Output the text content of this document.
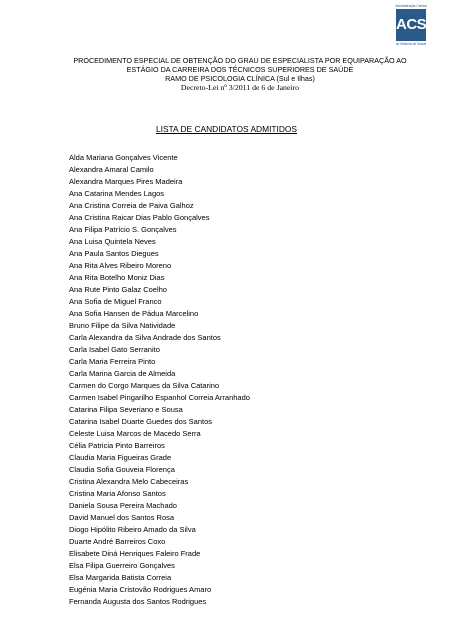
Administração Central
ACSS
do Sistema de Saúde
PROCEDIMENTO ESPECIAL DE OBTENÇÃO DO GRAU DE ESPECIALISTA POR EQUIPARAÇÃO AO
ESTÁGIO DA CARREIRA DOS TÉCNICOS SUPERIORES DE SAÚDE
RAMO DE PSICOLOGIA CLÍNICA (Sul e Ilhas)
Decreto-Lei nº 3/2011 de 6 de Janeiro
LISTA DE CANDIDATOS ADMITIDOS
Alda Mariana Gonçalves Vicente
Alexandra Amaral Camilo
Alexandra Marques Pires Madeira
Ana Catarina Mendes Lagos
Ana Cristina Correia de Paiva Galhoz
Ana Cristina Raicar Dias Pablo Gonçalves
Ana Filipa Patrício S. Gonçalves
Ana Luisa Quintela Neves
Ana Paula Santos Diegues
Ana Rita Alves Ribeiro Moreno
Ana Rita Botelho Moniz Dias
Ana Rute Pinto Galaz Coelho
Ana Sofia de Miguel Franco
Ana Sofia Hansen de Pádua Marcelino
Bruno Filipe da Silva Natividade
Carla Alexandra da Silva Andrade dos Santos
Carla Isabel Gato Serranito
Carla Maria Ferreira Pinto
Carla Marina Garcia de Almeida
Carmen do Corgo Marques da Silva Catarino
Carmen Isabel Pingarilho Espanhol Correia Arranhado
Catarina Filipa Severiano e Sousa
Catarina Isabel Duarte Guedes dos Santos
Celeste Luisa Marcos de Macedo Serra
Célia Patricia Pinto Barreiros
Claudia Maria Figueiras Grade
Claudia Sofia Gouveia Florença
Cristina Alexandra Melo Cabeceiras
Cristina Maria Afonso Santos
Daniela Sousa Pereira Machado
David Manuel dos Santos Rosa
Diogo Hipólito Ribeiro Amado da Silva
Duarte André Barreiros Coxo
Elisabete Diná Henriques Faleiro Frade
Elsa Filipa Guerreiro Gonçalves
Elsa Margarida Batista Correia
Eugénia Maria Cristovão Rodrigues Amaro
Fernanda Augusta dos Santos Rodrigues
